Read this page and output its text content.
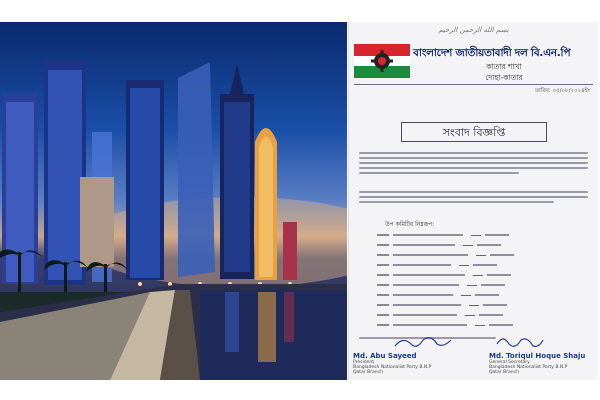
بسم الله الرحمن الرحيم
বাংলাদেশ জাতীয়তাবাদী দল বি.এন.পি
কাতার শাখা
দোহা-কাতার
তারিখ: ০৫/০৮/২০২৪ইং
সংবাদ বিজ্ঞপ্তি
উপ কমিটির নিম্নরূপ:
Md. Abu Sayeed
President
Bangladesh Nationalist Party B.N.P
Qatar Branch
Md. Toriqul Hoque Shaju
General Secretary
Bangladesh Nationalist Party B.N.P
Qatar Branch
